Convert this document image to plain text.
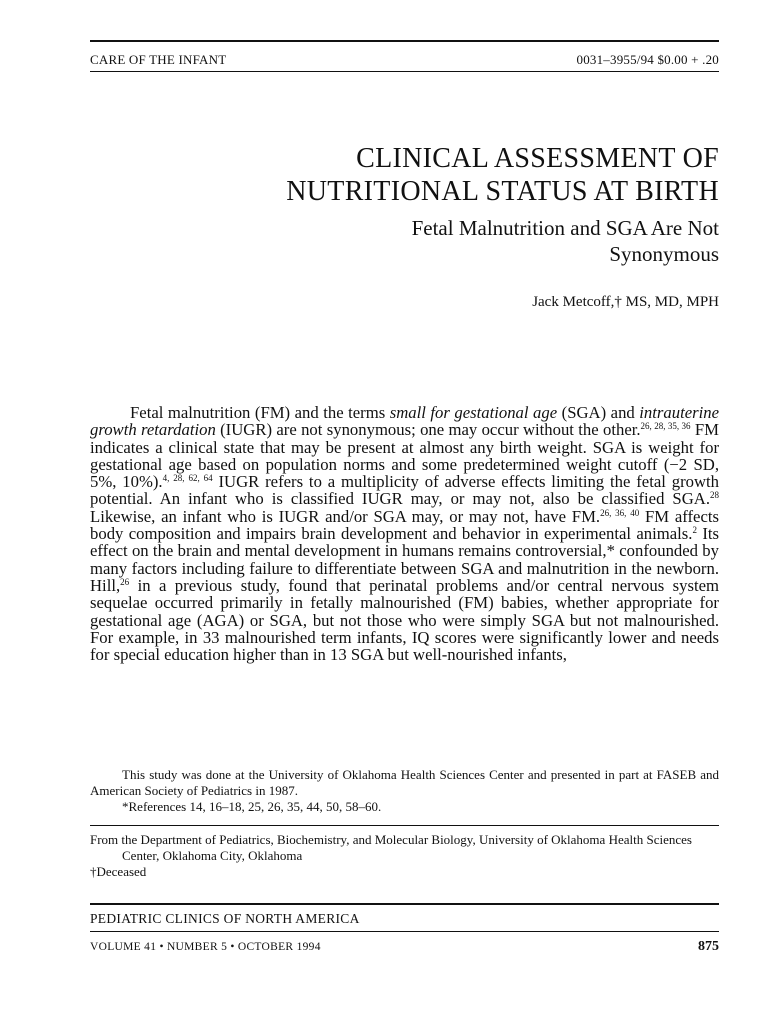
CARE OF THE INFANT	0031–3955/94 $0.00 + .20
CLINICAL ASSESSMENT OF
NUTRITIONAL STATUS AT BIRTH
Fetal Malnutrition and SGA Are Not
Synonymous
Jack Metcoff,† MS, MD, MPH

Fetal malnutrition (FM) and the terms small for gestational age (SGA) and intrauterine growth retardation (IUGR) are not synonymous; one may occur without the other.$^{26, 28, 35, 36}$ FM indicates a clinical state that may be present at almost any birth weight. SGA is weight for gestational age based on population norms and some predetermined weight cutoff (−2 SD, 5%, 10%).$^{4, 28, 62, 64}$ IUGR refers to a multiplicity of adverse effects limiting the fetal growth potential. An infant who is classified IUGR may, or may not, also be classified SGA.$^{28}$ Likewise, an infant who is IUGR and/or SGA may, or may not, have FM.$^{26, 36, 40}$ FM affects body composition and impairs brain development and behavior in experimental animals.$^2$ Its effect on the brain and mental development in humans remains controversial,* confounded by many factors including failure to differentiate between SGA and malnutrition in the newborn. Hill,$^{26}$ in a previous study, found that perinatal problems and/or central nervous system sequelae occurred primarily in fetally malnourished (FM) babies, whether appropriate for gestational age (AGA) or SGA, but not those who were simply SGA but not malnourished. For example, in 33 malnourished term infants, IQ scores were significantly lower and needs for special education higher than in 13 SGA but well-nourished infants,

This study was done at the University of Oklahoma Health Sciences Center and presented in part at FASEB and American Society of Pediatrics in 1987.

*References 14, 16–18, 25, 26, 35, 44, 50, 58–60.

From the Department of Pediatrics, Biochemistry, and Molecular Biology, University of Oklahoma Health Sciences Center, Oklahoma City, Oklahoma

†Deceased

PEDIATRIC CLINICS OF NORTH AMERICA
VOLUME 41 • NUMBER 5 • OCTOBER 1994	875
